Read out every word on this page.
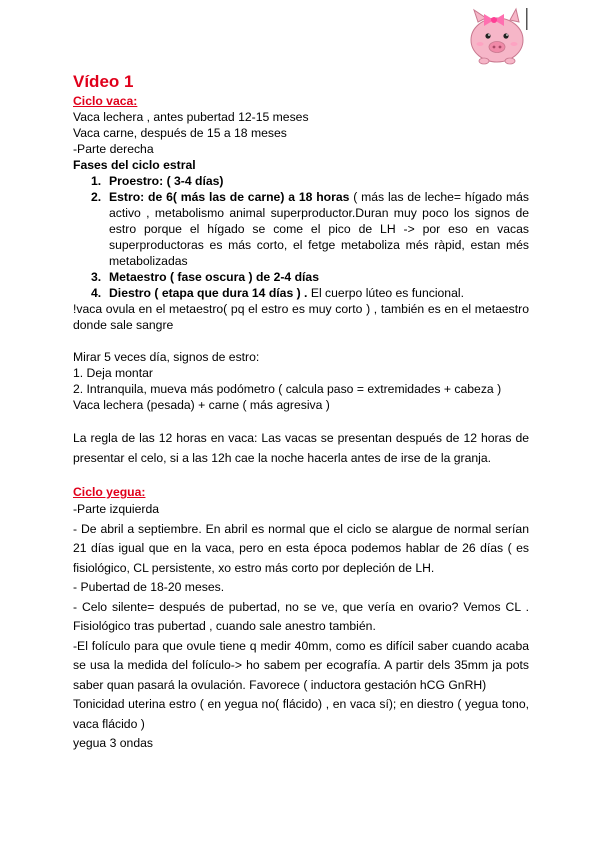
Vídeo 1
Ciclo vaca:
Vaca lechera , antes pubertad 12-15 meses
Vaca carne, después de 15 a 18 meses
-Parte derecha
Fases del ciclo estral
1. Proestro: ( 3-4 días)
2. Estro: de 6( más las de carne) a 18 horas ( más las de leche= hígado más activo , metabolismo animal superproductor.Duran muy poco los signos de estro porque el hígado se come el pico de LH -> por eso en vacas superproductoras es más corto, el fetge metaboliza més ràpid, estan més metabolizadas
3. Metaestro ( fase oscura ) de 2-4 días
4. Diestro ( etapa que dura 14 días ) . El cuerpo lúteo es funcional.
!vaca ovula en el metaestro( pq el estro es muy corto ) , también es en el metaestro donde sale sangre
Mirar 5 veces día, signos de estro:
1. Deja montar
2. Intranquila, mueva más podómetro ( calcula paso = extremidades + cabeza )
Vaca lechera (pesada) + carne ( más agresiva )
La regla de las 12 horas en vaca: Las vacas se presentan después de 12 horas de presentar el celo, si a las 12h cae la noche hacerla antes de irse de la granja.
Ciclo yegua:
-Parte izquierda
- De abril a septiembre. En abril es normal que el ciclo se alargue de normal serían 21 días igual que en la vaca, pero en esta época podemos hablar de 26 días ( es fisiológico, CL persistente, xo estro más corto por depleción de LH.
- Pubertad de 18-20 meses.
- Celo silente= después de pubertad, no se ve, que vería en ovario? Vemos CL . Fisiológico tras pubertad , cuando sale anestro también.
-El folículo para que ovule tiene q medir 40mm, como es difícil saber cuando acaba se usa la medida del folículo-> ho sabem per ecografía. A partir dels 35mm ja pots saber quan pasará la ovulación. Favorece ( inductora gestación hCG GnRH)
Tonicidad uterina estro ( en yegua no( flácido) , en vaca sí); en diestro ( yegua tono, vaca flácido )
yegua 3 ondas
